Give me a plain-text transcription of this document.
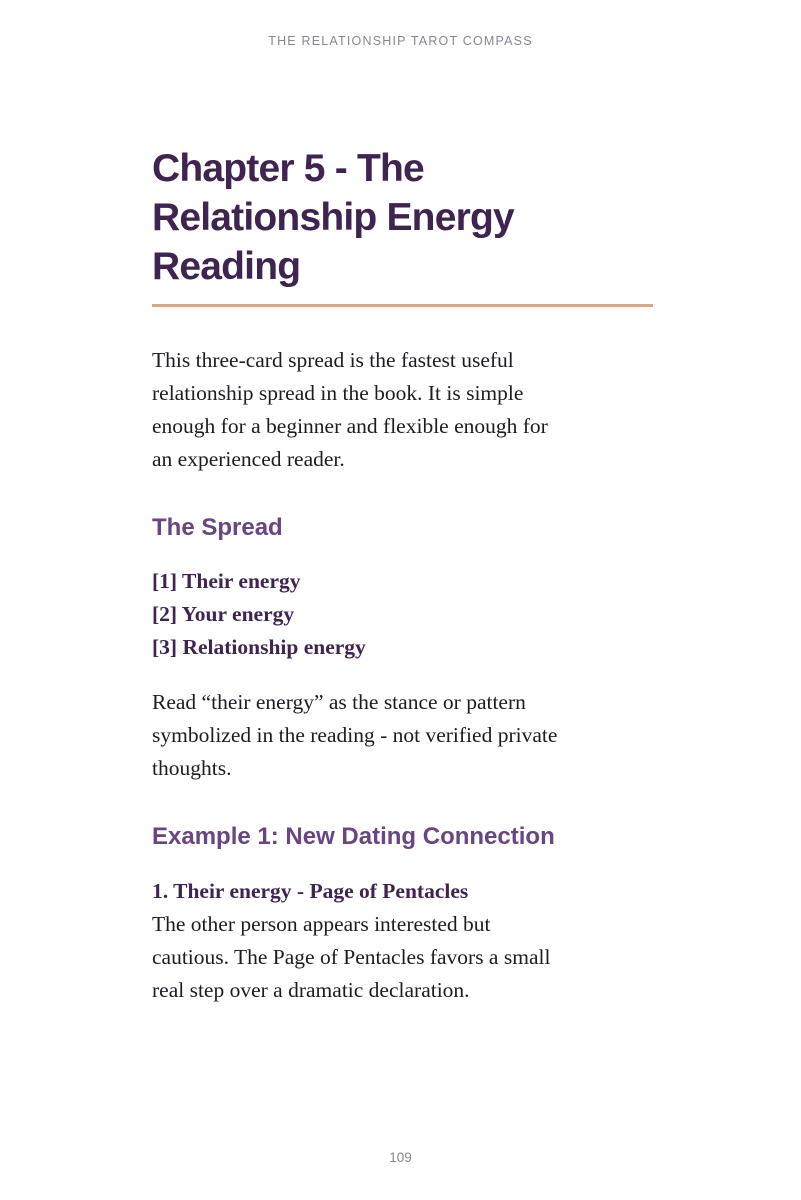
THE RELATIONSHIP TAROT COMPASS
Chapter 5 - The
Relationship Energy
Reading

This three-card spread is the fastest useful
relationship spread in the book. It is simple
enough for a beginner and flexible enough for
an experienced reader.

The Spread
[1] Their energy
[2] Your energy
[3] Relationship energy

Read “their energy” as the stance or pattern
symbolized in the reading - not verified private
thoughts.

Example 1: New Dating Connection
1. Their energy - Page of Pentacles

The other person appears interested but
cautious. The Page of Pentacles favors a small
real step over a dramatic declaration.

109
